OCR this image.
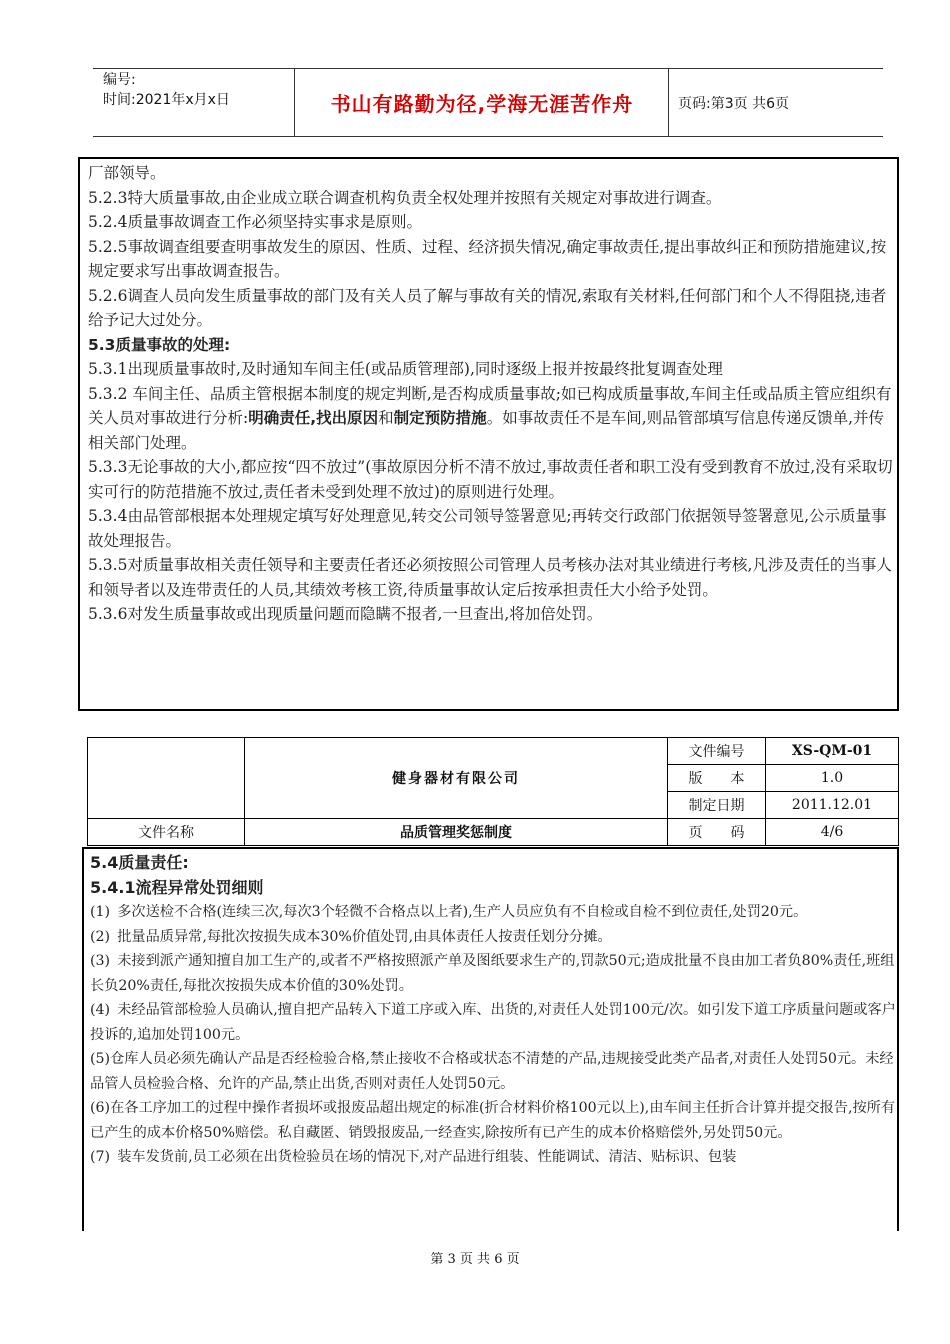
编号:
时间:2021年x月x日	书山有路勤为径,学海无涯苦作舟	页码:第3页 共6页

厂部领导。

5.2.3特大质量事故,由企业成立联合调查机构负责全权处理并按照有关规定对事故进行调查。

5.2.4质量事故调查工作必须坚持实事求是原则。

5.2.5事故调查组要查明事故发生的原因、性质、过程、经济损失情况,确定事故责任,提出事故纠正和预防措施建议,按规定要求写出事故调查报告。

5.2.6调查人员向发生质量事故的部门及有关人员了解与事故有关的情况,索取有关材料,任何部门和个人不得阻挠,违者给予记大过处分。

5.3质量事故的处理:

5.3.1出现质量事故时,及时通知车间主任(或品质管理部),同时逐级上报并按最终批复调查处理

5.3.2 车间主任、品质主管根据本制度的规定判断,是否构成质量事故;如已构成质量事故,车间主任或品质主管应组织有关人员对事故进行分析:明确责任,找出原因和制定预防措施。如事故责任不是车间,则品管部填写信息传递反馈单,并传相关部门处理。

5.3.3无论事故的大小,都应按“四不放过”(事故原因分析不清不放过,事故责任者和职工没有受到教育不放过,没有采取切实可行的防范措施不放过,责任者未受到处理不放过)的原则进行处理。

5.3.4由品管部根据本处理规定填写好处理意见,转交公司领导签署意见;再转交行政部门依据领导签署意见,公示质量事故处理报告。

5.3.5对质量事故相关责任领导和主要责任者还必须按照公司管理人员考核办法对其业绩进行考核,凡涉及责任的当事人和领导者以及连带责任的人员,其绩效考核工资,待质量事故认定后按承担责任大小给予处罚。

5.3.6对发生质量事故或出现质量问题而隐瞒不报者,一旦查出,将加倍处罚。

	健身器材有限公司	文件编号	XS-QM-01
		版　　本	1.0
		制定日期	2011.12.01
文件名称	品质管理奖惩制度	页　　码	4/6

5.4质量责任:

5.4.1流程异常处罚细则

(1) 多次送检不合格(连续三次,每次3个轻微不合格点以上者),生产人员应负有不自检或自检不到位责任,处罚20元。

(2) 批量品质异常,每批次按损失成本30%价值处罚,由具体责任人按责任划分分摊。

(3) 未接到派产通知擅自加工生产的,或者不严格按照派产单及图纸要求生产的,罚款50元;造成批量不良由加工者负80%责任,班组长负20%责任,每批次按损失成本价值的30%处罚。

(4) 未经品管部检验人员确认,擅自把产品转入下道工序或入库、出货的,对责任人处罚100元/次。如引发下道工序质量问题或客户投诉的,追加处罚100元。

(5)仓库人员必须先确认产品是否经检验合格,禁止接收不合格或状态不清楚的产品,违规接受此类产品者,对责任人处罚50元。未经品管人员检验合格、允许的产品,禁止出货,否则对责任人处罚50元。

(6)在各工序加工的过程中操作者损坏或报废品超出规定的标准(折合材料价格100元以上),由车间主任折合计算并提交报告,按所有已产生的成本价格50%赔偿。私自藏匿、销毁报废品,一经查实,除按所有已产生的成本价格赔偿外,另处罚50元。

(7) 装车发货前,员工必须在出货检验员在场的情况下,对产品进行组装、性能调试、清洁、贴标识、包装

第 3 页 共 6 页
